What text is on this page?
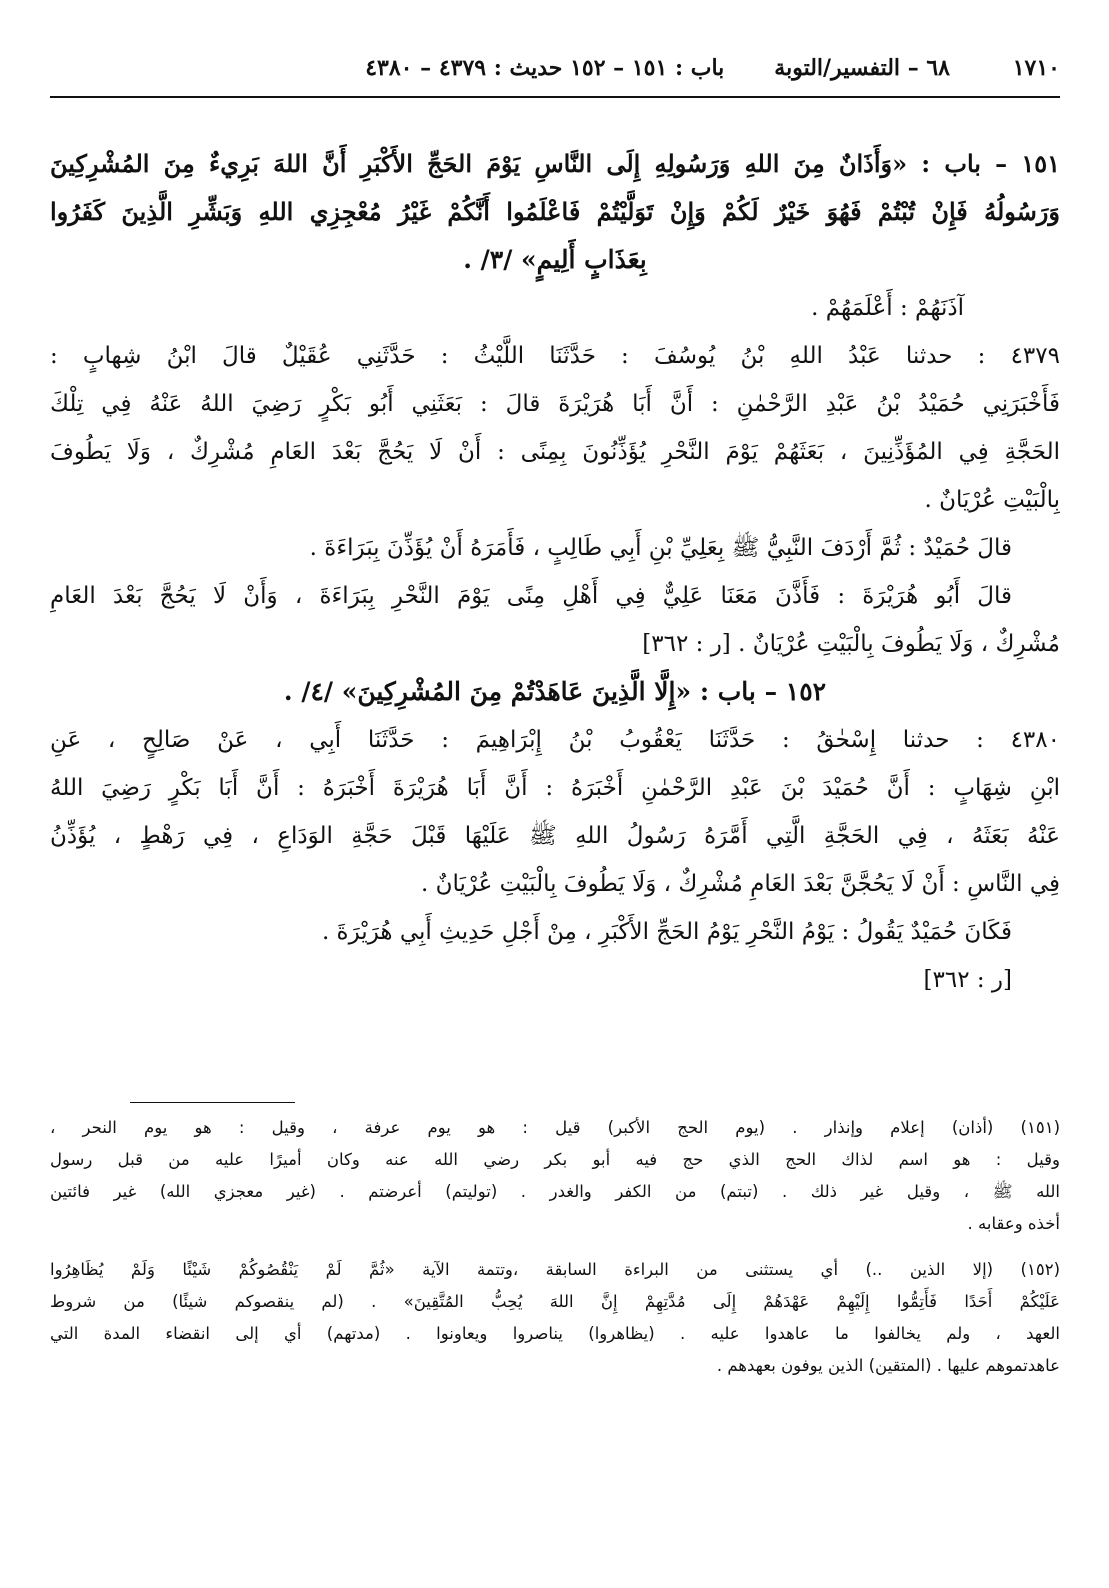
١٧١٠
٦٨ – التفسير/التوبة
باب : ١٥١ – ١٥٢ حديث : ٤٣٧٩ – ٤٣٨٠
١٥١ – باب : «وَأَذَانٌ مِنَ اللهِ وَرَسُولِهِ إِلَى النَّاسِ يَوْمَ الحَجِّ الأَكْبَرِ أَنَّ اللهَ بَرِيءٌ مِنَ المُشْرِكِينَ
وَرَسُولُهُ فَإِنْ تُبْتُمْ فَهُوَ خَيْرٌ لَكُمْ وَإِنْ تَوَلَّيْتُمْ فَاعْلَمُوا أَنَّكُمْ غَيْرُ مُعْجِزِي اللهِ وَبَشِّرِ الَّذِينَ كَفَرُوا
بِعَذَابٍ أَلِيمٍ» /٣/ .
آذَنَهُمْ : أَعْلَمَهُمْ .
٤٣٧٩ : حدثنا عَبْدُ اللهِ بْنُ يُوسُفَ : حَدَّثَنَا اللَّيْثُ : حَدَّثَنِي عُقَيْلٌ قالَ ابْنُ شِهابٍ :
فَأَخْبَرَنِي حُمَيْدُ بْنُ عَبْدِ الرَّحْمٰنِ : أَنَّ أَبَا هُرَيْرَةَ قالَ : بَعَثَنِي أَبُو بَكْرٍ رَضِيَ اللهُ عَنْهُ فِي تِلْكَ
الحَجَّةِ فِي المُؤَذِّنِينَ ، بَعَثَهُمْ يَوْمَ النَّحْرِ يُؤَذِّنُونَ بِمِنًى : أَنْ لَا يَحُجَّ بَعْدَ العَامِ مُشْرِكٌ ، وَلَا يَطُوفَ
بِالْبَيْتِ عُرْيَانٌ .
قالَ حُمَيْدٌ : ثُمَّ أَرْدَفَ النَّبِيُّ ﷺ بِعَلِيِّ بْنِ أَبِي طَالِبٍ ، فَأَمَرَهُ أَنْ يُؤَذِّنَ بِبَرَاءَةَ .
قالَ أَبُو هُرَيْرَةَ : فَأَذَّنَ مَعَنَا عَلِيٌّ فِي أَهْلِ مِنًى يَوْمَ النَّحْرِ بِبَرَاءَةَ ، وَأَنْ لَا يَحُجَّ بَعْدَ العَامِ
مُشْرِكٌ ، وَلَا يَطُوفَ بِالْبَيْتِ عُرْيَانٌ . [ر : ٣٦٢]
١٥٢ – باب : «إِلَّا الَّذِينَ عَاهَدْتُمْ مِنَ المُشْرِكِينَ» /٤/ .
٤٣٨٠ : حدثنا إِسْحٰقُ : حَدَّثَنَا يَعْقُوبُ بْنُ إِبْرَاهِيمَ : حَدَّثَنَا أَبِي ، عَنْ صَالِحٍ ، عَنِ
ابْنِ شِهَابٍ : أَنَّ حُمَيْدَ بْنَ عَبْدِ الرَّحْمٰنِ أَخْبَرَهُ : أَنَّ أَبَا هُرَيْرَةَ أَخْبَرَهُ : أَنَّ أَبَا بَكْرٍ رَضِيَ اللهُ
عَنْهُ بَعَثَهُ ، فِي الحَجَّةِ الَّتِي أَمَّرَهُ رَسُولُ اللهِ ﷺ عَلَيْهَا قَبْلَ حَجَّةِ الوَدَاعِ ، فِي رَهْطٍ ، يُؤَذِّنُ
فِي النَّاسِ : أَنْ لَا يَحُجَّنَّ بَعْدَ العَامِ مُشْرِكٌ ، وَلَا يَطُوفَ بِالْبَيْتِ عُرْيَانٌ .
فَكَانَ حُمَيْدٌ يَقُولُ : يَوْمُ النَّحْرِ يَوْمُ الحَجِّ الأَكْبَرِ ، مِنْ أَجْلِ حَدِيثِ أَبِي هُرَيْرَةَ .
[ر : ٣٦٢]
(١٥١) (أذان) إعلام وإنذار . (يوم الحج الأكبر) قيل : هو يوم عرفة ، وقيل : هو يوم النحر ،
وقيل : هو اسم لذاك الحج الذي حج فيه أبو بكر رضي الله عنه وكان أميرًا عليه من قبل رسول
الله ﷺ ، وقيل غير ذلك . (تبتم) من الكفر والغدر . (توليتم) أعرضتم . (غير معجزي الله) غير فائتين
أخذه وعقابه .
(١٥٢) (إلا الذين ..) أي يستثنى من البراءة السابقة ،وتتمة الآية «ثُمَّ لَمْ يَنْقُصُوكُمْ شَيْئًا وَلَمْ يُظَاهِرُوا
عَلَيْكُمْ أَحَدًا فَأَتِمُّوا إِلَيْهِمْ عَهْدَهُمْ إِلَى مُدَّتِهِمْ إِنَّ اللهَ يُحِبُّ المُتَّقِينَ» . (لم ينقصوكم شيئًا) من شروط
العهد ، ولم يخالفوا ما عاهدوا عليه . (يظاهروا) يناصروا ويعاونوا . (مدتهم) أي إلى انقضاء المدة التي
عاهدتموهم عليها . (المتقين) الذين يوفون بعهدهم .
